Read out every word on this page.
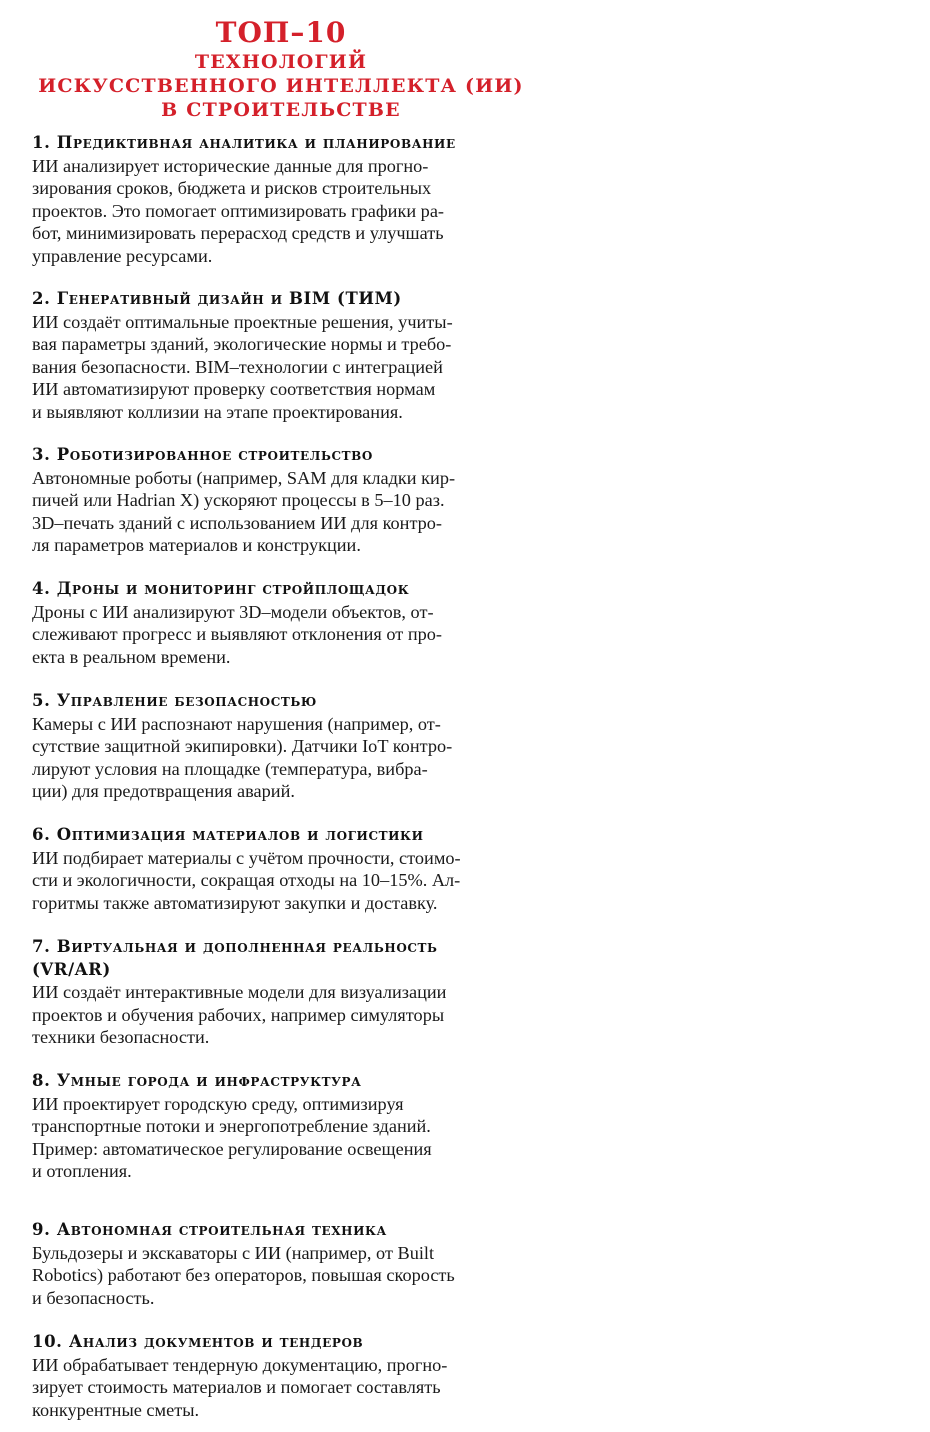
ТОП–10
ТЕХНОЛОГИЙ
ИСКУССТВЕННОГО ИНТЕЛЛЕКТА (ИИ)
В СТРОИТЕЛЬСТВЕ
1. Предиктивная аналитика и планирование

ИИ анализирует исторические данные для прогно-

зирования сроков, бюджета и рисков строительных

проектов. Это помогает оптимизировать графики ра-

бот, минимизировать перерасход средств и улучшать

управление ресурсами.

2. Генеративный дизайн и BIM (ТИМ)

ИИ создаёт оптимальные проектные решения, учиты-

вая параметры зданий, экологические нормы и требо-

вания безопасности. BIM–технологии с интеграцией

ИИ автоматизируют проверку соответствия нормам

и выявляют коллизии на этапе проектирования.

3. Роботизированное строительство

Автономные роботы (например, SAM для кладки кир-

пичей или Hadrian X) ускоряют процессы в 5–10 раз.

3D–печать зданий с использованием ИИ для контро-

ля параметров материалов и конструкции.

4. Дроны и мониторинг стройплощадок

Дроны с ИИ анализируют 3D–модели объектов, от-

слеживают прогресс и выявляют отклонения от про-

екта в реальном времени.

5. Управление безопасностью

Камеры с ИИ распознают нарушения (например, от-

сутствие защитной экипировки). Датчики IoT контро-

лируют условия на площадке (температура, вибра-

ции) для предотвращения аварий.

6. Оптимизация материалов и логистики

ИИ подбирает материалы с учётом прочности, стоимо-

сти и экологичности, сокращая отходы на 10–15%. Ал-

горитмы также автоматизируют закупки и доставку.

7. Виртуальная и дополненная реальность
(VR/AR)

ИИ создаёт интерактивные модели для визуализации

проектов и обучения рабочих, например симуляторы

техники безопасности.

8. Умные города и инфраструктура

ИИ проектирует городскую среду, оптимизируя

транспортные потоки и энергопотребление зданий.

Пример: автоматическое регулирование освещения

и отопления.

9. Автономная строительная техника

Бульдозеры и экскаваторы с ИИ (например, от Built

Robotics) работают без операторов, повышая скорость

и безопасность.

10. Анализ документов и тендеров

ИИ обрабатывает тендерную документацию, прогно-

зирует стоимость материалов и помогает составлять

конкурентные сметы.
